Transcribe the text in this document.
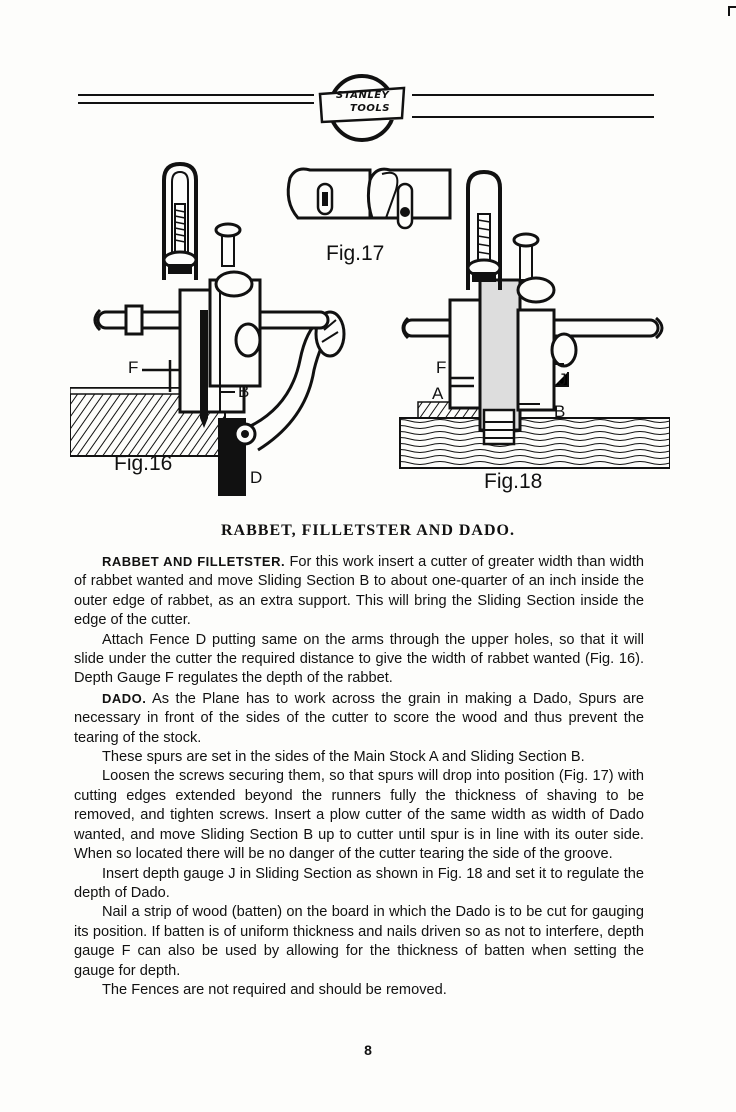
STANLEY
TOOLS
Fig.17
Fig.16
Fig.18
F
B
D
F
A
J
B
RABBET, FILLETSTER AND DADO.

RABBET AND FILLETSTER. For this work insert a cutter of greater width than width of rabbet wanted and move Sliding Section B to about one-quarter of an inch inside the outer edge of rabbet, as an extra support. This will bring the Sliding Section inside the edge of the cutter.

Attach Fence D putting same on the arms through the upper holes, so that it will slide under the cutter the required distance to give the width of rabbet wanted (Fig. 16). Depth Gauge F regulates the depth of the rabbet.

DADO. As the Plane has to work across the grain in making a Dado, Spurs are necessary in front of the sides of the cutter to score the wood and thus prevent the tearing of the stock.

These spurs are set in the sides of the Main Stock A and Sliding Section B.

Loosen the screws securing them, so that spurs will drop into position (Fig. 17) with cutting edges extended beyond the runners fully the thickness of shaving to be removed, and tighten screws. Insert a plow cutter of the same width as width of Dado wanted, and move Sliding Section B up to cutter until spur is in line with its outer side. When so located there will be no danger of the cutter tearing the side of the groove.

Insert depth gauge J in Sliding Section as shown in Fig. 18 and set it to regulate the depth of Dado.

Nail a strip of wood (batten) on the board in which the Dado is to be cut for gauging its position. If batten is of uniform thickness and nails driven so as not to interfere, depth gauge F can also be used by allowing for the thickness of batten when setting the gauge for depth.

The Fences are not required and should be removed.

8
